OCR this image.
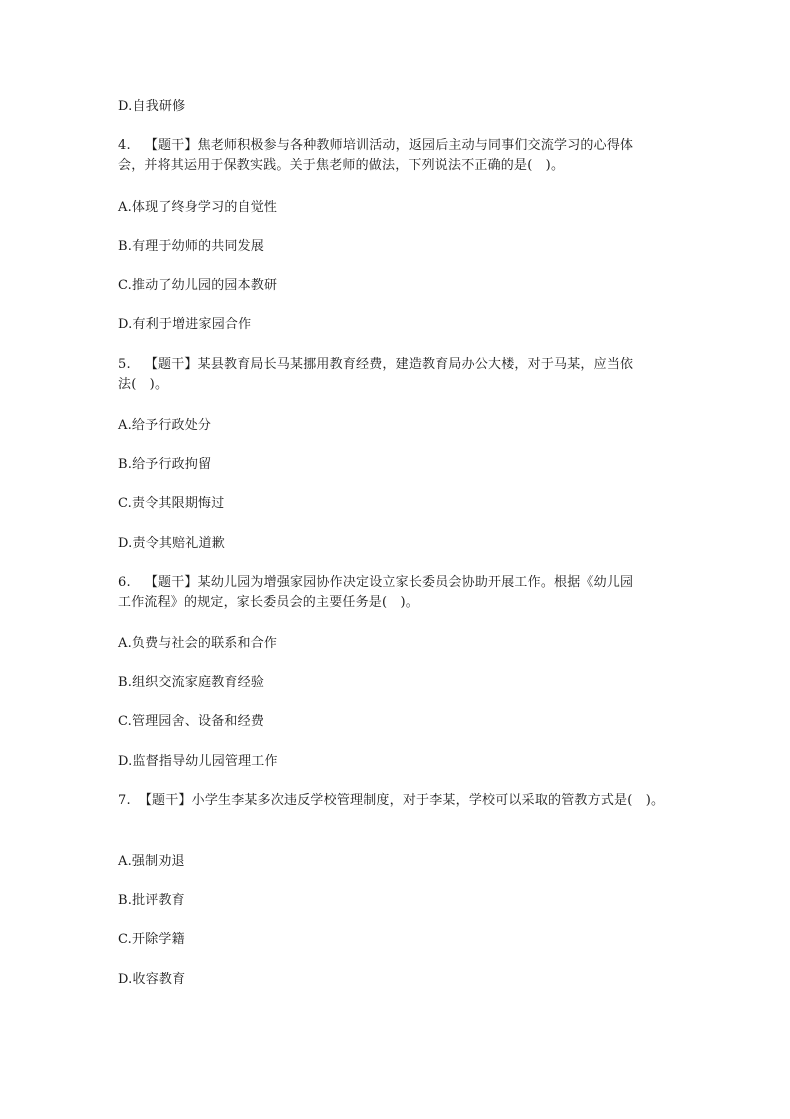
D.自我研修
4. 【题干】焦老师积极参与各种教师培训活动，返园后主动与同事们交流学习的心得体
会，并将其运用于保教实践。关于焦老师的做法，下列说法不正确的是(　)。
A.体现了终身学习的自觉性
B.有理于幼师的共同发展
C.推动了幼儿园的园本教研
D.有利于增进家园合作
5. 【题干】某县教育局长马某挪用教育经费，建造教育局办公大楼，对于马某，应当依
法(　)。
A.给予行政处分
B.给予行政拘留
C.责令其限期悔过
D.责令其赔礼道歉
6. 【题干】某幼儿园为增强家园协作决定设立家长委员会协助开展工作。根据《幼儿园
工作流程》的规定，家长委员会的主要任务是(　)。
A.负费与社会的联系和合作
B.组织交流家庭教育经验
C.管理园舍、设备和经费
D.监督指导幼儿园管理工作
7. 【题干】小学生李某多次违反学校管理制度，对于李某，学校可以采取的管教方式是(　)。
A.强制劝退
B.批评教育
C.开除学籍
D.收容教育
